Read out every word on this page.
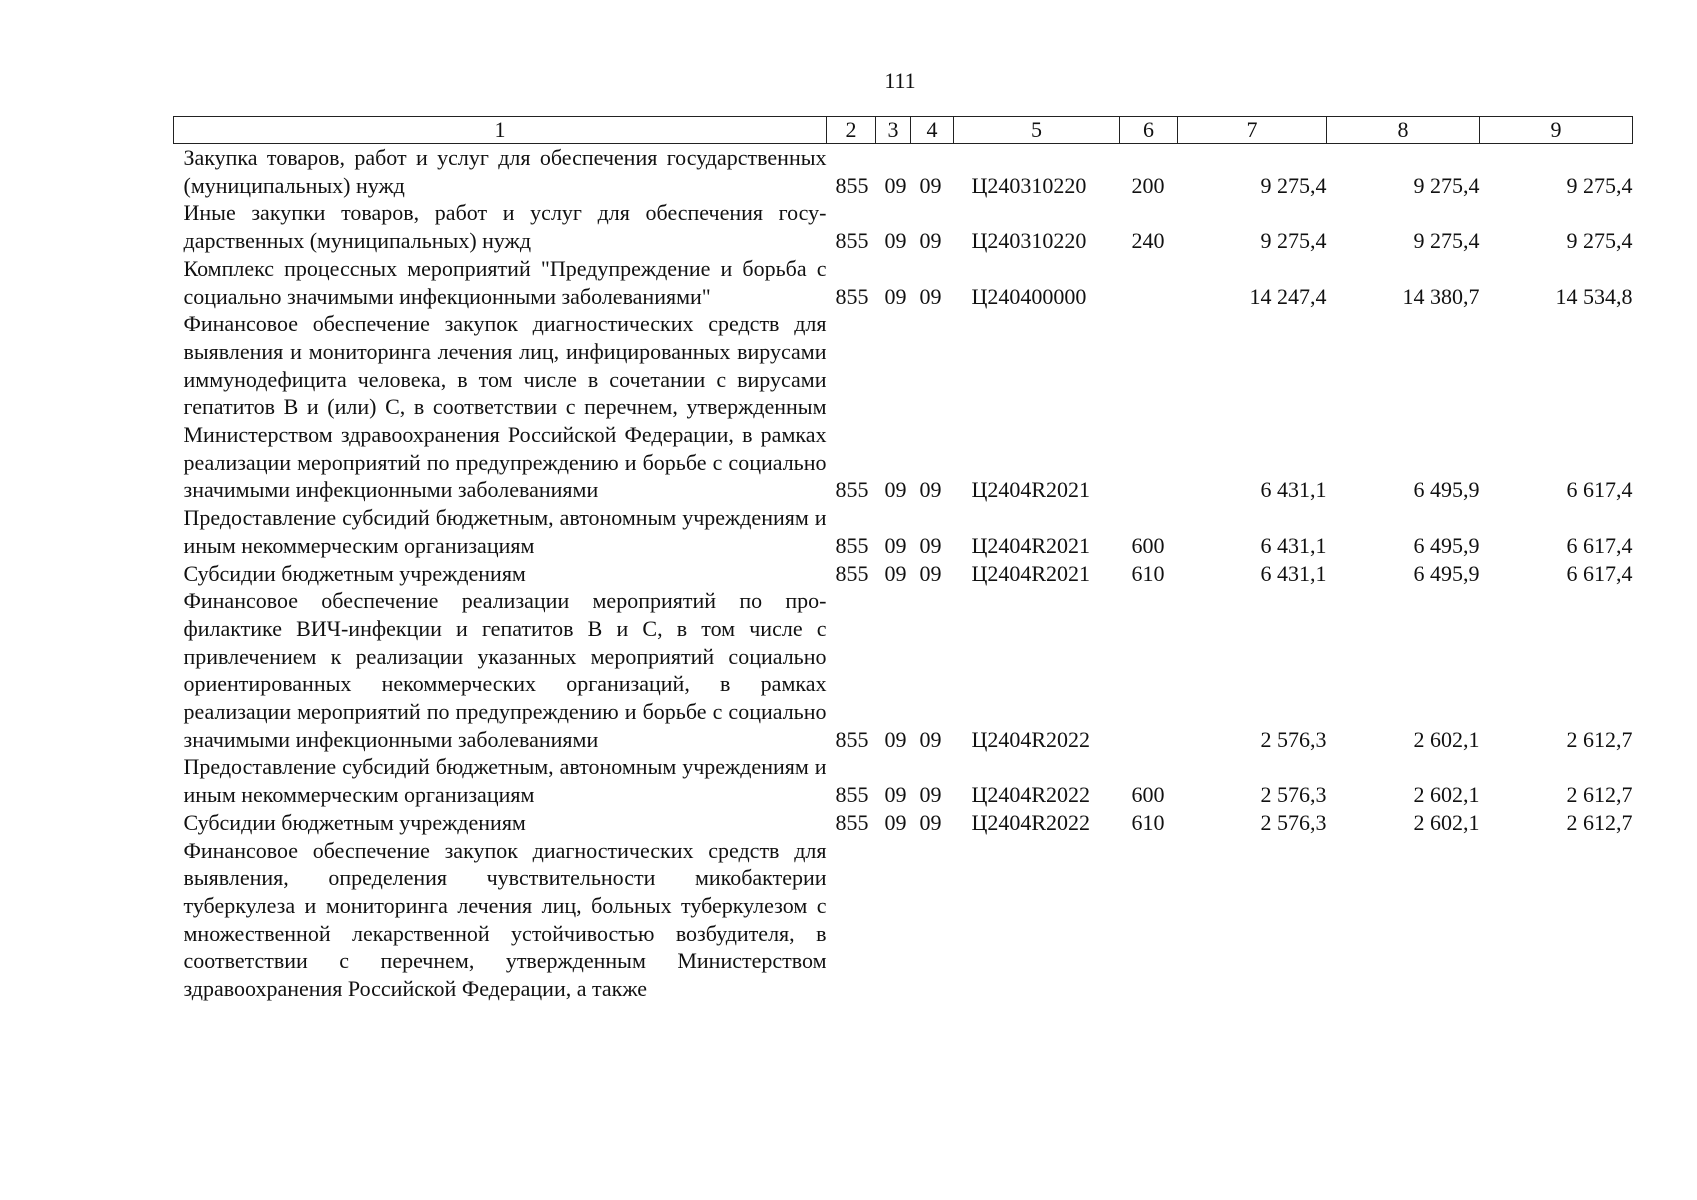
111
1	2	3	4	5	6	7	8	9
Закупка товаров, работ и услуг для обеспечения государственных (муниципальных) нужд	855	09	09	Ц240310220	200	9 275,4	9 275,4	9 275,4
Иные закупки товаров, работ и услуг для обеспечения государственных (муниципальных) нужд	855	09	09	Ц240310220	240	9 275,4	9 275,4	9 275,4
Комплекс процессных мероприятий "Предупреждение и борьба с социально значимыми инфекционными заболеваниями"	855	09	09	Ц240400000		14 247,4	14 380,7	14 534,8
Финансовое обеспечение закупок диагностических средств для выявления и мониторинга лечения лиц, инфицированных вирусами иммунодефицита человека, в том числе в сочетании с вирусами гепатитов B и (или) C, в соответствии с перечнем, утвержденным Министерством здравоохранения Российской Федерации, в рамках реализации мероприятий по предупреждению и борьбе с социально значимыми инфекционными заболеваниями	855	09	09	Ц2404R2021		6 431,1	6 495,9	6 617,4
Предоставление субсидий бюджетным, автономным учреждениям и иным некоммерческим организациям	855	09	09	Ц2404R2021	600	6 431,1	6 495,9	6 617,4
Субсидии бюджетным учреждениям	855	09	09	Ц2404R2021	610	6 431,1	6 495,9	6 617,4
Финансовое обеспечение реализации мероприятий по профилактике ВИЧ-инфекции и гепатитов B и C, в том числе с привлечением к реализации указанных мероприятий социально ориентированных некоммерческих организаций, в рамках реализации мероприятий по предупреждению и борьбе с социально значимыми инфекционными заболеваниями	855	09	09	Ц2404R2022		2 576,3	2 602,1	2 612,7
Предоставление субсидий бюджетным, автономным учреждениям и иным некоммерческим организациям	855	09	09	Ц2404R2022	600	2 576,3	2 602,1	2 612,7
Субсидии бюджетным учреждениям	855	09	09	Ц2404R2022	610	2 576,3	2 602,1	2 612,7
Финансовое обеспечение закупок диагностических средств для выявления, определения чувствительности микобактерии туберкулеза и мониторинга лечения лиц, больных туберкулезом с множественной лекарственной устойчивостью возбудителя, в соответствии с перечнем, утвержденным Министерством здравоохранения Российской Федерации, а также								
